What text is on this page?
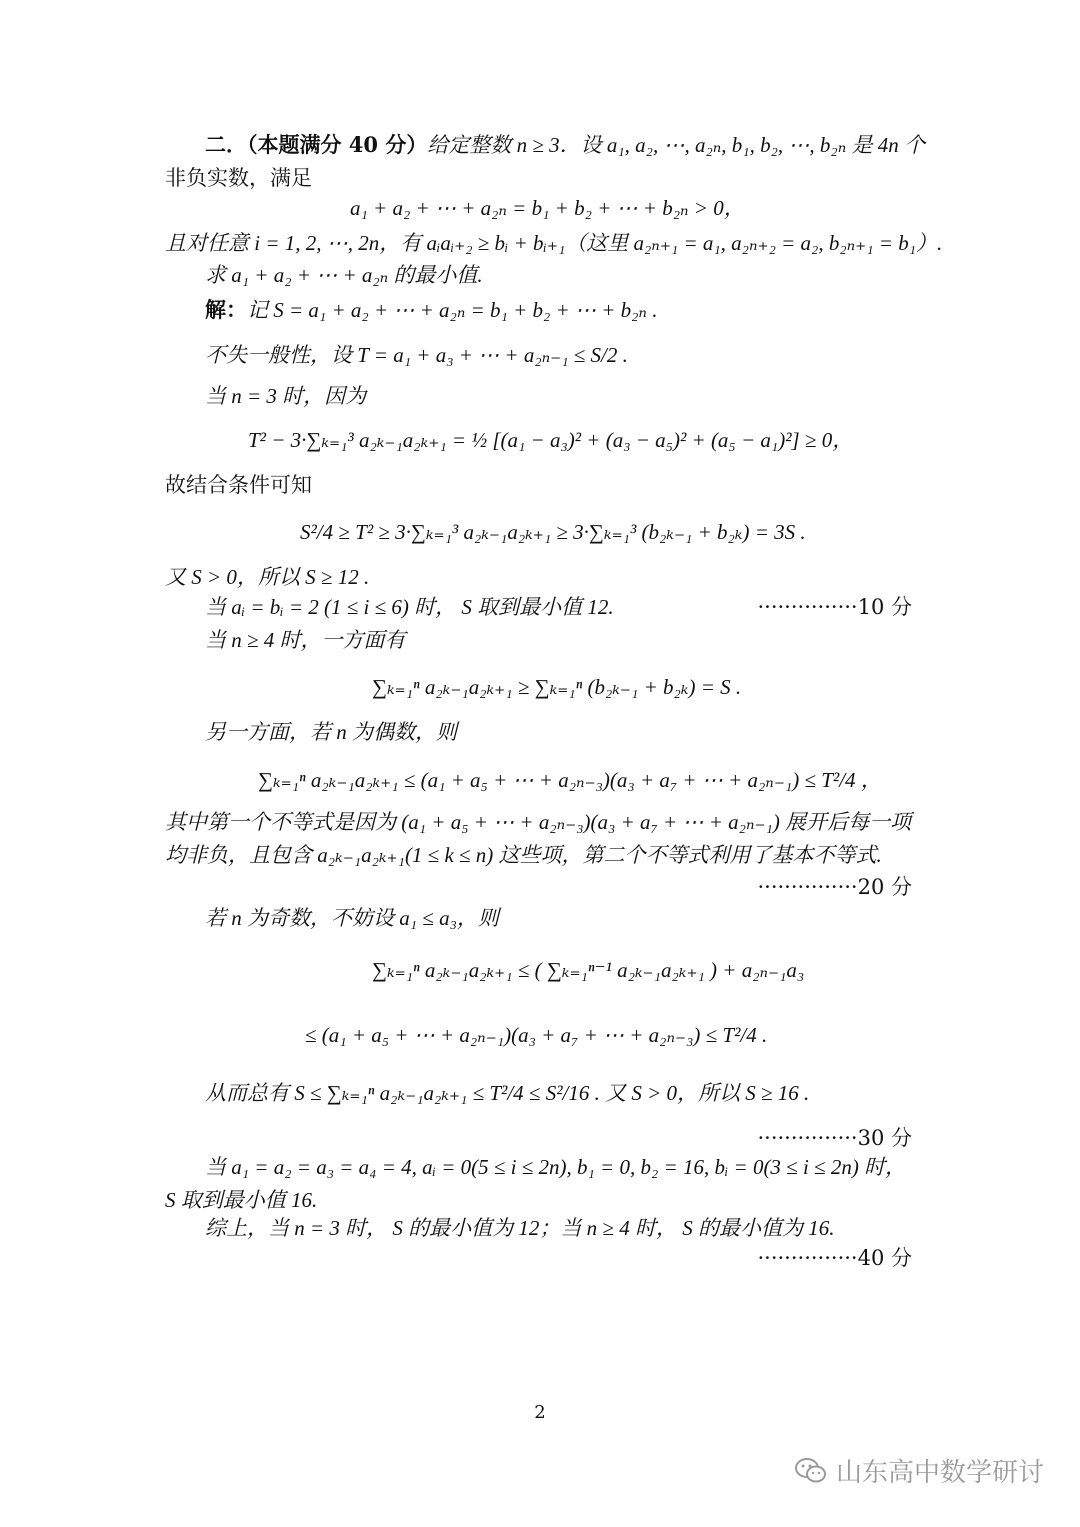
二．（本题满分 40 分）给定整数 n ≥ 3．设 a₁, a₂, ⋯, a₂ₙ, b₁, b₂, ⋯, b₂ₙ 是 4n 个
非负实数，满足
a₁ + a₂ + ⋯ + a₂ₙ = b₁ + b₂ + ⋯ + b₂ₙ > 0，
且对任意 i = 1, 2, ⋯, 2n，有 aᵢaᵢ₊₂ ≥ bᵢ + bᵢ₊₁（这里 a₂ₙ₊₁ = a₁, a₂ₙ₊₂ = a₂, b₂ₙ₊₁ = b₁）.
求 a₁ + a₂ + ⋯ + a₂ₙ 的最小值.
解：记 S = a₁ + a₂ + ⋯ + a₂ₙ = b₁ + b₂ + ⋯ + b₂ₙ .
不失一般性，设 T = a₁ + a₃ + ⋯ + a₂ₙ₋₁ ≤ S/2 .
当 n = 3 时，因为
T² − 3·∑ₖ₌₁³ a₂ₖ₋₁a₂ₖ₊₁ = ½ [(a₁ − a₃)² + (a₃ − a₅)² + (a₅ − a₁)²] ≥ 0，
故结合条件可知
S²/4 ≥ T² ≥ 3·∑ₖ₌₁³ a₂ₖ₋₁a₂ₖ₊₁ ≥ 3·∑ₖ₌₁³ (b₂ₖ₋₁ + b₂ₖ) = 3S .
又 S > 0，所以 S ≥ 12 .
当 aᵢ = bᵢ = 2 (1 ≤ i ≤ 6) 时， S 取到最小值 12.	···············10 分
当 n ≥ 4 时，一方面有
∑ₖ₌₁ⁿ a₂ₖ₋₁a₂ₖ₊₁ ≥ ∑ₖ₌₁ⁿ (b₂ₖ₋₁ + b₂ₖ) = S .
另一方面，若 n 为偶数，则
∑ₖ₌₁ⁿ a₂ₖ₋₁a₂ₖ₊₁ ≤ (a₁ + a₅ + ⋯ + a₂ₙ₋₃)(a₃ + a₇ + ⋯ + a₂ₙ₋₁) ≤ T²/4 ，
其中第一个不等式是因为 (a₁ + a₅ + ⋯ + a₂ₙ₋₃)(a₃ + a₇ + ⋯ + a₂ₙ₋₁) 展开后每一项
均非负，且包含 a₂ₖ₋₁a₂ₖ₊₁(1 ≤ k ≤ n) 这些项，第二个不等式利用了基本不等式.
···············20 分
若 n 为奇数，不妨设 a₁ ≤ a₃，则
∑ₖ₌₁ⁿ a₂ₖ₋₁a₂ₖ₊₁ ≤ ( ∑ₖ₌₁ⁿ⁻¹ a₂ₖ₋₁a₂ₖ₊₁ ) + a₂ₙ₋₁a₃
≤ (a₁ + a₅ + ⋯ + a₂ₙ₋₁)(a₃ + a₇ + ⋯ + a₂ₙ₋₃) ≤ T²/4 .
从而总有 S ≤ ∑ₖ₌₁ⁿ a₂ₖ₋₁a₂ₖ₊₁ ≤ T²/4 ≤ S²/16 . 又 S > 0，所以 S ≥ 16 .
···············30 分
当 a₁ = a₂ = a₃ = a₄ = 4, aᵢ = 0(5 ≤ i ≤ 2n), b₁ = 0, b₂ = 16, bᵢ = 0(3 ≤ i ≤ 2n) 时，
S 取到最小值 16.
综上，当 n = 3 时， S 的最小值为 12；当 n ≥ 4 时， S 的最小值为 16.
···············40 分
2
山东高中数学研讨
